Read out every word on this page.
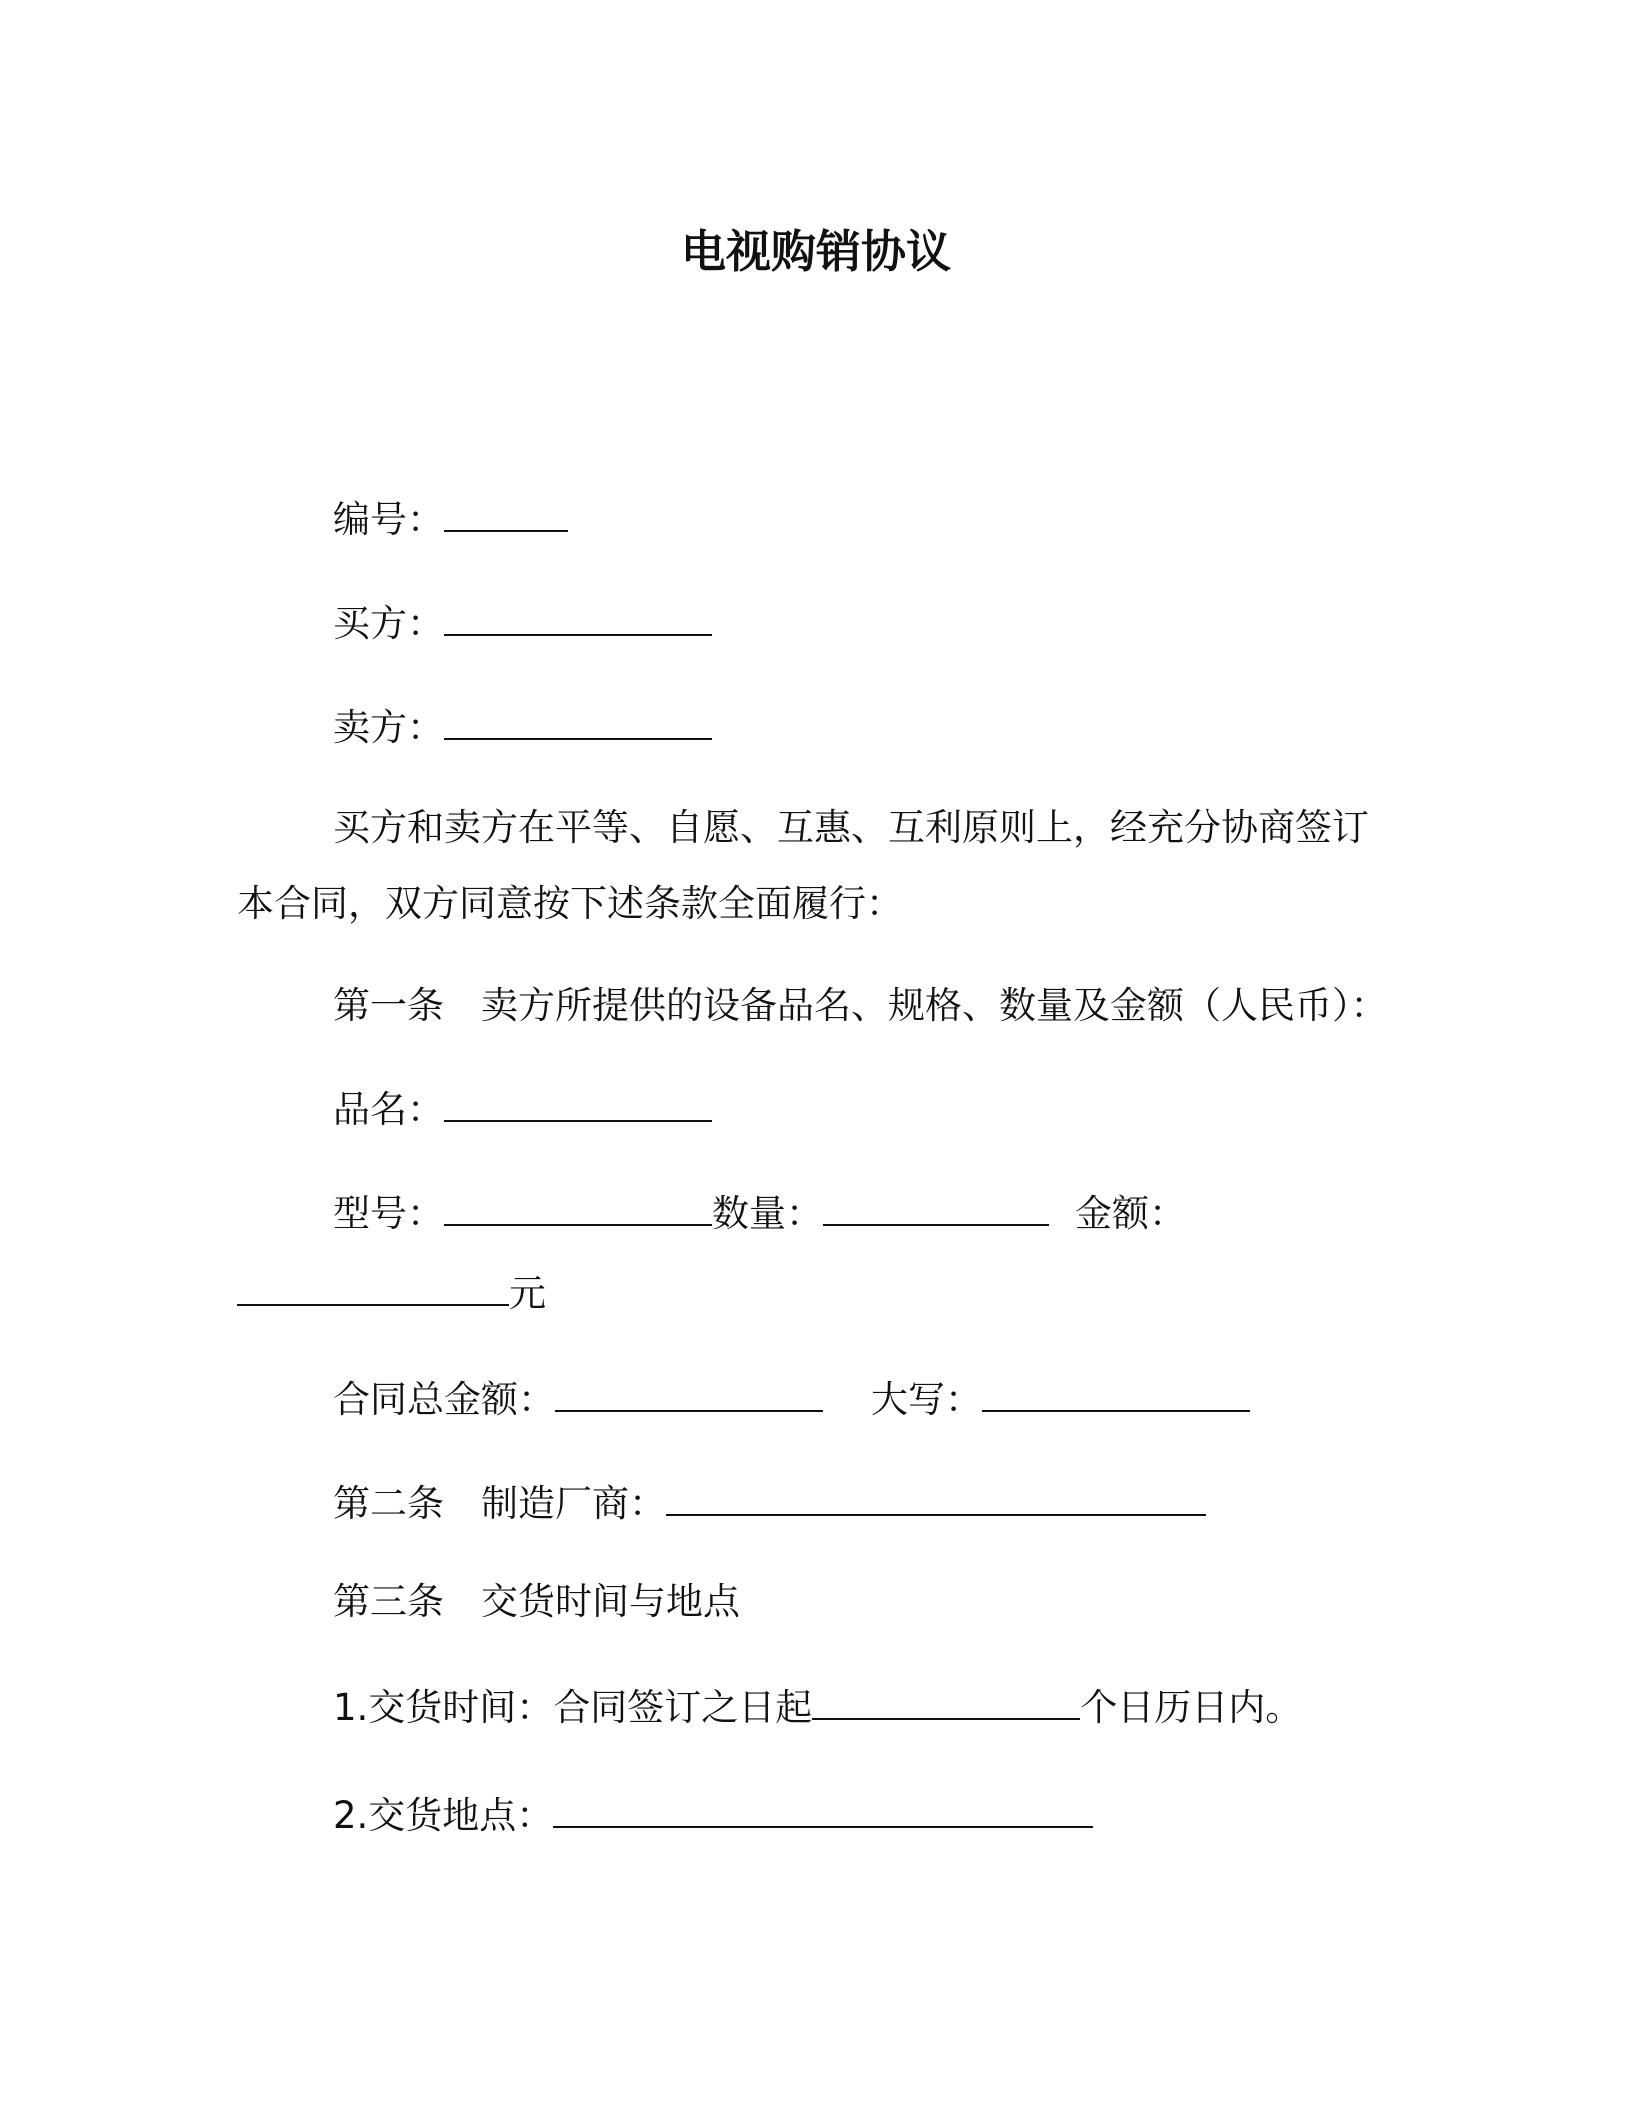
电视购销协议
编号：
买方：
卖方：
买方和卖方在平等、自愿、互惠、互利原则上，经充分协商签订
本合同，双方同意按下述条款全面履行：
第一条　卖方所提供的设备品名、规格、数量及金额（人民币）：
品名：
型号：	数量：	金额：
元
合同总金额：	大写：
第二条　制造厂商：
第三条　交货时间与地点
1.交货时间：合同签订之日起	个日历日内。
2.交货地点：
